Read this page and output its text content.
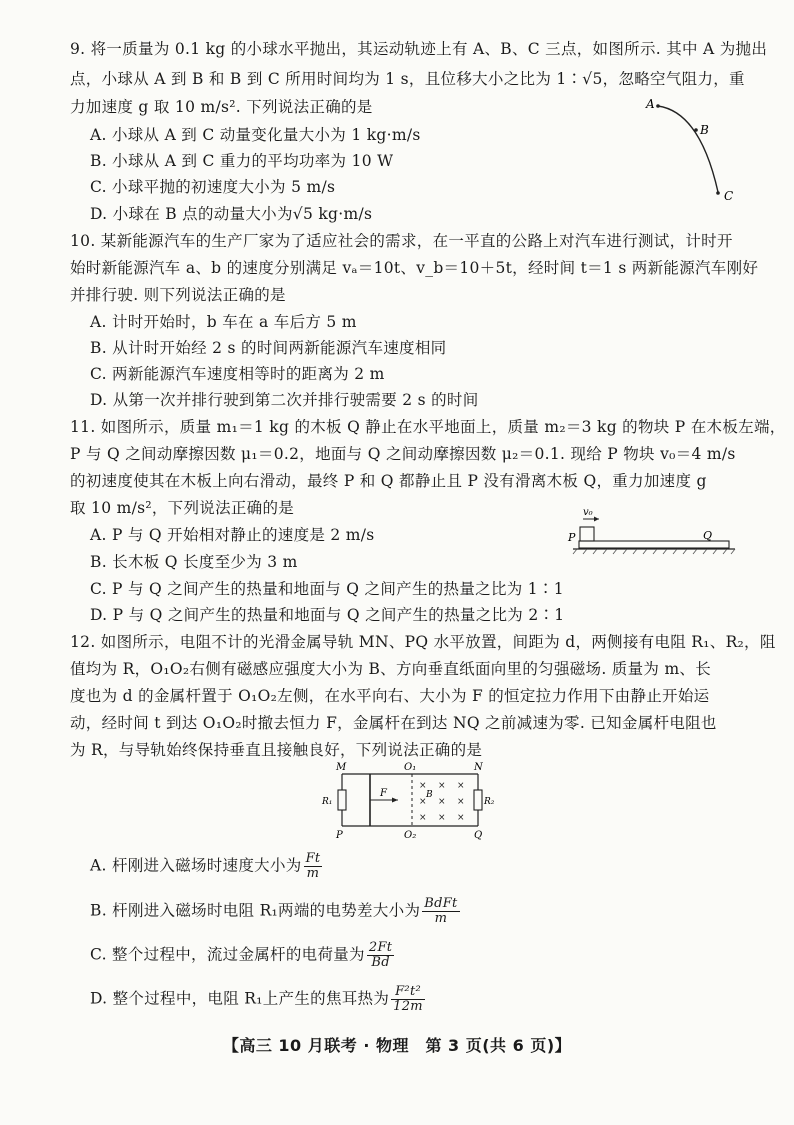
9. 将一质量为 0.1 kg 的小球水平抛出，其运动轨迹上有 A、B、C 三点，如图所示. 其中 A 为抛出
点，小球从 A 到 B 和 B 到 C 所用时间均为 1 s，且位移大小之比为 1∶√5，忽略空气阻力，重
力加速度 g 取 10 m/s². 下列说法正确的是
A. 小球从 A 到 C 动量变化量大小为 1 kg·m/s
B. 小球从 A 到 C 重力的平均功率为 10 W
C. 小球平抛的初速度大小为 5 m/s
D. 小球在 B 点的动量大小为√5 kg·m/s
A
B
C
10. 某新能源汽车的生产厂家为了适应社会的需求，在一平直的公路上对汽车进行测试，计时开
始时新能源汽车 a、b 的速度分别满足 vₐ＝10t、v_b＝10＋5t，经时间 t＝1 s 两新能源汽车刚好
并排行驶. 则下列说法正确的是
A. 计时开始时，b 车在 a 车后方 5 m
B. 从计时开始经 2 s 的时间两新能源汽车速度相同
C. 两新能源汽车速度相等时的距离为 2 m
D. 从第一次并排行驶到第二次并排行驶需要 2 s 的时间
11. 如图所示，质量 m₁＝1 kg 的木板 Q 静止在水平地面上，质量 m₂＝3 kg 的物块 P 在木板左端，
P 与 Q 之间动摩擦因数 μ₁＝0.2，地面与 Q 之间动摩擦因数 μ₂＝0.1. 现给 P 物块 v₀＝4 m/s
的初速度使其在木板上向右滑动，最终 P 和 Q 都静止且 P 没有滑离木板 Q，重力加速度 g
取 10 m/s²，下列说法正确的是
A. P 与 Q 开始相对静止的速度是 2 m/s
B. 长木板 Q 长度至少为 3 m
C. P 与 Q 之间产生的热量和地面与 Q 之间产生的热量之比为 1∶1
D. P 与 Q 之间产生的热量和地面与 Q 之间产生的热量之比为 2∶1
v₀
P	Q
12. 如图所示，电阻不计的光滑金属导轨 MN、PQ 水平放置，间距为 d，两侧接有电阻 R₁、R₂，阻
值均为 R，O₁O₂右侧有磁感应强度大小为 B、方向垂直纸面向里的匀强磁场. 质量为 m、长
度也为 d 的金属杆置于 O₁O₂左侧，在水平向右、大小为 F 的恒定拉力作用下由静止开始运
动，经时间 t 到达 O₁O₂时撤去恒力 F，金属杆在到达 NQ 之前减速为零. 已知金属杆电阻也
为 R，与导轨始终保持垂直且接触良好，下列说法正确的是
× × ×
× × ×
× × ×
M	O₁	N
R₁
F	B
R₂
P	O₂	Q
A. 杆刚进入磁场时速度大小为 $\frac{Ft}{m}$
B. 杆刚进入磁场时电阻 R₁两端的电势差大小为 $\frac{\text{BdFt}}{m}$
C. 整个过程中，流过金属杆的电荷量为 $\frac{2Ft}{Bd}$
D. 整个过程中，电阻 R₁上产生的焦耳热为 $\frac{\text{F²t²}}{12m}$
【高三 10 月联考 · 物理　第 3 页(共 6 页)】
